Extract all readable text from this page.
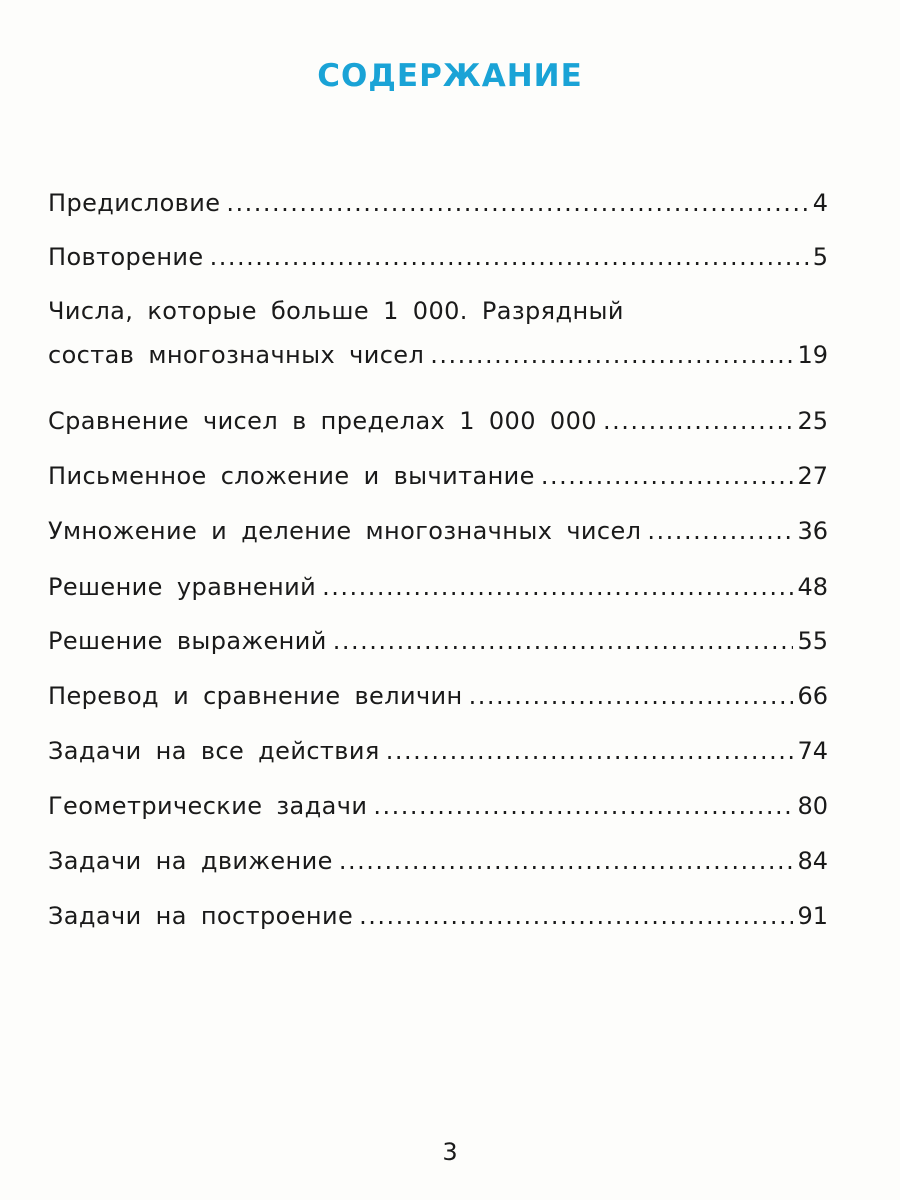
СОДЕРЖАНИЕ
Предисловие .....	4
Повторение .....	5
Числа, которые больше 1 000. Разрядный
состав многозначных чисел .....	19
Сравнение чисел в пределах 1 000 000 .....	25
Письменное сложение и вычитание .....	27
Умножение и деление многозначных чисел .....	36
Решение уравнений .....	48
Решение выражений .....	55
Перевод и сравнение величин .....	66
Задачи на все действия .....	74
Геометрические задачи .....	80
Задачи на движение .....	84
Задачи на построение .....	91
3
